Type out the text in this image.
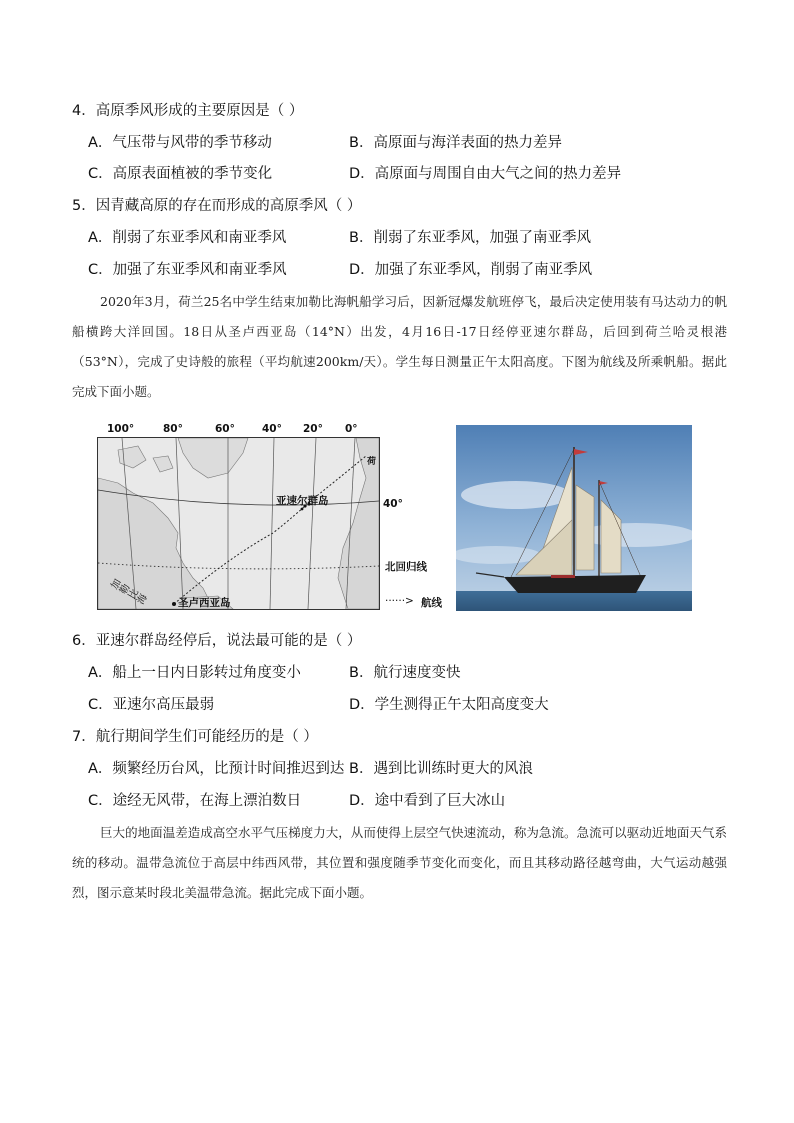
4．高原季风形成的主要原因是（ ）
A．气压带与风带的季节移动	B．高原面与海洋表面的热力差异
C．高原表面植被的季节变化	D．高原面与周围自由大气之间的热力差异
5．因青藏高原的存在而形成的高原季风（ ）
A．削弱了东亚季风和南亚季风	B．削弱了东亚季风，加强了南亚季风
C．加强了东亚季风和南亚季风	D．加强了东亚季风，削弱了南亚季风
2020年3月，荷兰25名中学生结束加勒比海帆船学习后，因新冠爆发航班停飞，最后决定使用装有马达动力的帆船横跨大洋回国。18日从圣卢西亚岛（14°N）出发，4月16日-17日经停亚速尔群岛，后回到荷兰哈灵根港（53°N），完成了史诗般的旅程（平均航速200km/天）。学生每日测量正午太阳高度。下图为航线及所乘帆船。据此完成下面小题。
100°	80°	60°	40° 20° 0°
亚速尔群岛
圣卢西亚岛
加勒比海
荷
40°
北回归线
······> 航线
6．亚速尔群岛经停后，说法最可能的是（ ）
A．船上一日内日影转过角度变小	B．航行速度变快
C．亚速尔高压最弱	D．学生测得正午太阳高度变大
7．航行期间学生们可能经历的是（ ）
A．频繁经历台风，比预计时间推迟到达 B．遇到比训练时更大的风浪
C．途经无风带，在海上漂泊数日	D．途中看到了巨大冰山
巨大的地面温差造成高空水平气压梯度力大，从而使得上层空气快速流动，称为急流。急流可以驱动近地面天气系统的移动。温带急流位于高层中纬西风带，其位置和强度随季节变化而变化，而且其移动路径越弯曲，大气运动越强烈，图示意某时段北美温带急流。据此完成下面小题。
